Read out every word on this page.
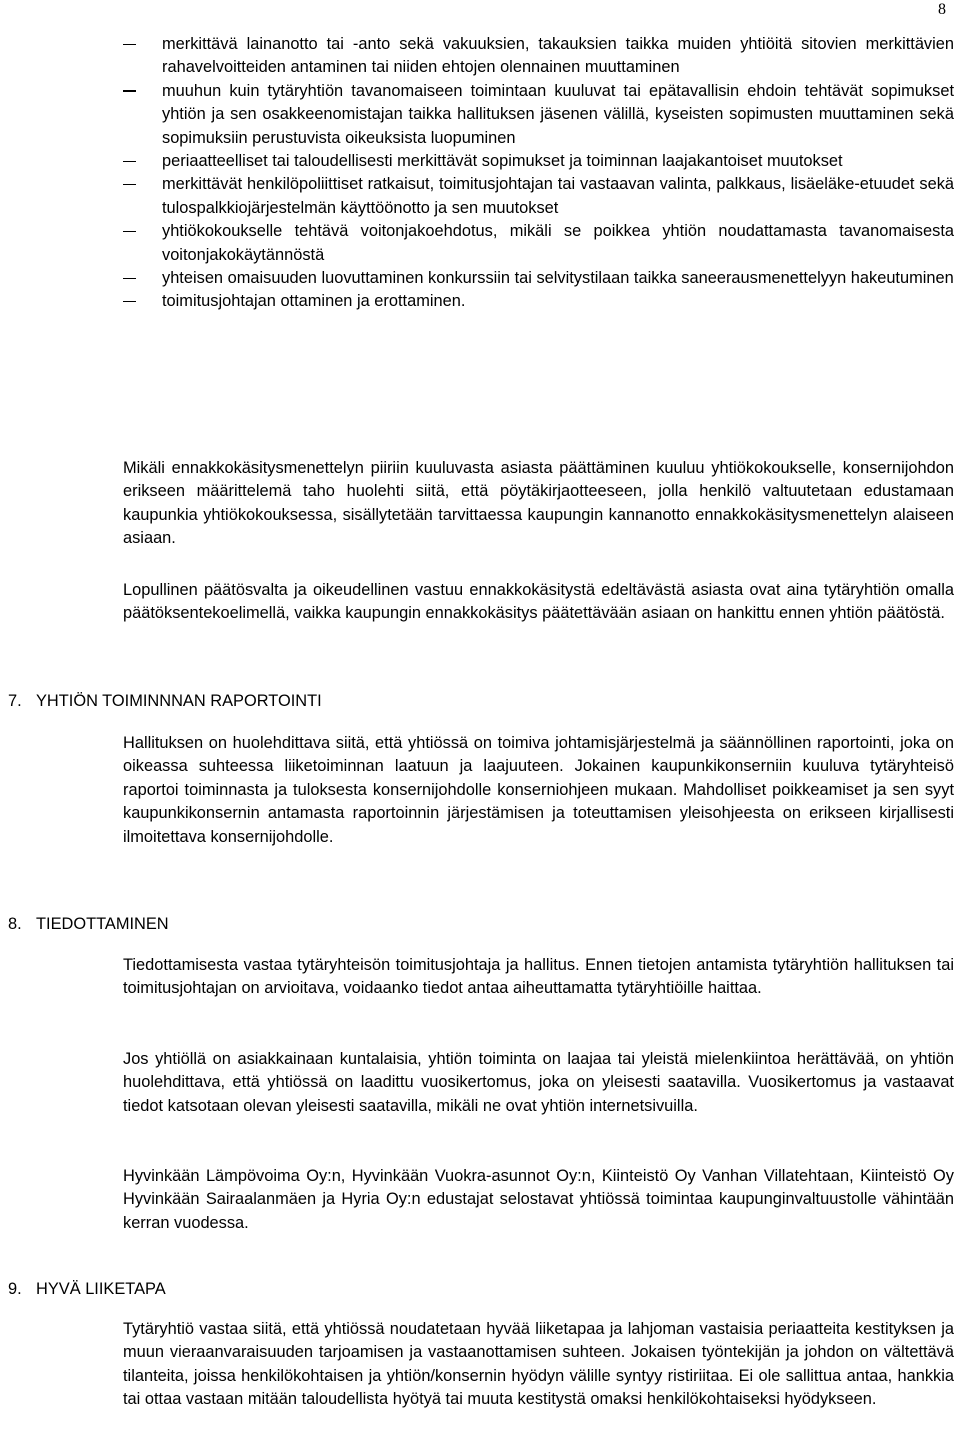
8
merkittävä lainanotto tai -anto sekä vakuuksien, takauksien taikka muiden yhtiöitä sitovien merkittävien rahavelvoitteiden antaminen tai niiden ehtojen olennainen muuttaminen
muuhun kuin tytäryhtiön tavanomaiseen toimintaan kuuluvat tai epätavallisin ehdoin tehtävät sopimukset yhtiön ja sen osakkeenomistajan taikka hallituksen jäsenen välillä, kyseisten sopimusten muuttaminen sekä sopimuksiin perustuvista oikeuksista luopuminen
periaatteelliset tai taloudellisesti merkittävät sopimukset ja toiminnan laajakantoiset muutokset
merkittävät henkilöpoliittiset ratkaisut, toimitusjohtajan tai vastaavan valinta, palkkaus, lisäeläke-etuudet sekä tulospalkkiojärjestelmän käyttöönotto ja sen muutokset
yhtiökokoukselle tehtävä voitonjakoehdotus, mikäli se poikkea yhtiön noudattamasta tavanomaisesta voitonjakokäytännöstä
yhteisen omaisuuden luovuttaminen konkurssiin tai selvitystilaan taikka saneerausmenettelyyn hakeutuminen
toimitusjohtajan ottaminen ja erottaminen.

Mikäli ennakkokäsitysmenettelyn piiriin kuuluvasta asiasta päättäminen kuuluu yhtiökokoukselle, konsernijohdon erikseen määrittelemä taho huolehti siitä, että pöytäkirjaotteeseen, jolla henkilö valtuutetaan edustamaan kaupunkia yhtiökokouksessa, sisällytetään tarvittaessa kaupungin kannanotto ennakkokäsitysmenettelyn alaiseen asiaan.

Lopullinen päätösvalta ja oikeudellinen vastuu ennakkokäsitystä edeltävästä asiasta ovat aina tytäryhtiön omalla päätöksentekoelimellä, vaikka kaupungin ennakkokäsitys päätettävään asiaan on hankittu ennen yhtiön päätöstä.

7. YHTIÖN TOIMINNNAN RAPORTOINTI

Hallituksen on huolehdittava siitä, että yhtiössä on toimiva johtamisjärjestelmä ja säännöllinen raportointi, joka on oikeassa suhteessa liiketoiminnan laatuun ja laajuuteen. Jokainen kaupunkikonserniin kuuluva tytäryhteisö raportoi toiminnasta ja tuloksesta konsernijohdolle konserniohjeen mukaan. Mahdolliset poikkeamiset ja sen syyt kaupunkikonsernin antamasta raportoinnin järjestämisen ja toteuttamisen yleisohjeesta on erikseen kirjallisesti ilmoitettava konsernijohdolle.

8. TIEDOTTAMINEN

Tiedottamisesta vastaa tytäryhteisön toimitusjohtaja ja hallitus. Ennen tietojen antamista tytäryhtiön hallituksen tai toimitusjohtajan on arvioitava, voidaanko tiedot antaa aiheuttamatta tytäryhtiöille haittaa.

Jos yhtiöllä on asiakkainaan kuntalaisia, yhtiön toiminta on laajaa tai yleistä mielenkiintoa herättävää, on yhtiön huolehdittava, että yhtiössä on laadittu vuosikertomus, joka on yleisesti saatavilla. Vuosikertomus ja vastaavat tiedot katsotaan olevan yleisesti saatavilla, mikäli ne ovat yhtiön internetsivuilla.

Hyvinkään Lämpövoima Oy:n, Hyvinkään Vuokra-asunnot Oy:n, Kiinteistö Oy Vanhan Villatehtaan, Kiinteistö Oy Hyvinkään Sairaalanmäen ja Hyria Oy:n edustajat selostavat yhtiössä toimintaa kaupunginvaltuustolle vähintään kerran vuodessa.

9. HYVÄ LIIKETAPA

Tytäryhtiö vastaa siitä, että yhtiössä noudatetaan hyvää liiketapaa ja lahjoman vastaisia periaatteita kestityksen ja muun vieraanvaraisuuden tarjoamisen ja vastaanottamisen suhteen. Jokaisen työntekijän ja johdon on vältettävä tilanteita, joissa henkilökohtaisen ja yhtiön/konsernin hyödyn välille syntyy ristiriitaa. Ei ole sallittua antaa, hankkia tai ottaa vastaan mitään taloudellista hyötyä tai muuta kestitystä omaksi henkilökohtaiseksi hyödykseen.
